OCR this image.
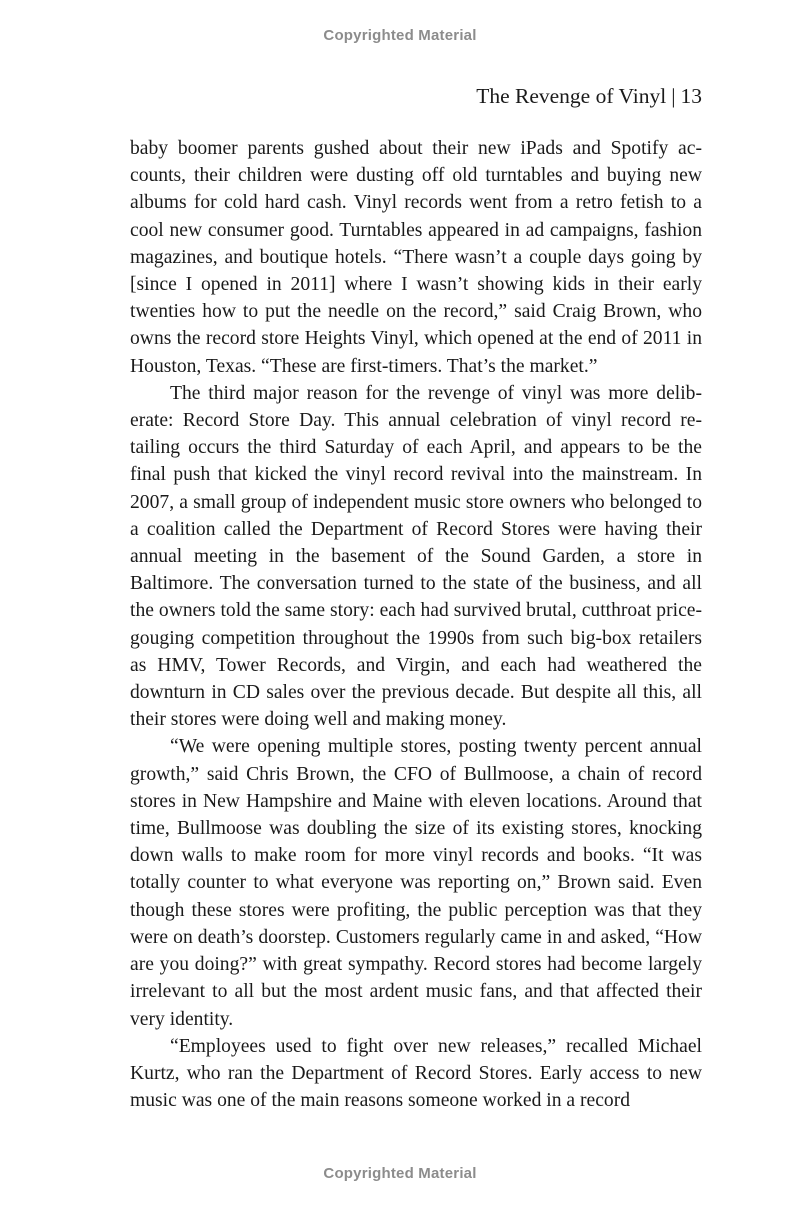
Copyrighted Material
The Revenge of Vinyl | 13

baby boomer parents gushed about their new iPads and Spotify accounts, their children were dusting off old turntables and buying new albums for cold hard cash. Vinyl records went from a retro fetish to a cool new consumer good. Turntables appeared in ad campaigns, fashion magazines, and boutique hotels. “There wasn’t a couple days going by [since I opened in 2011] where I wasn’t showing kids in their early twenties how to put the needle on the record,” said Craig Brown, who owns the record store Heights Vinyl, which opened at the end of 2011 in Houston, Texas. “These are first-timers. That’s the market.”

The third major reason for the revenge of vinyl was more deliberate: Record Store Day. This annual celebration of vinyl record retailing occurs the third Saturday of each April, and appears to be the final push that kicked the vinyl record revival into the mainstream. In 2007, a small group of independent music store owners who belonged to a coalition called the Department of Record Stores were having their annual meeting in the basement of the Sound Garden, a store in Baltimore. The conversation turned to the state of the business, and all the owners told the same story: each had survived brutal, cutthroat price-gouging competition throughout the 1990s from such big-box retailers as HMV, Tower Records, and Virgin, and each had weathered the downturn in CD sales over the previous decade. But despite all this, all their stores were doing well and making money.

“We were opening multiple stores, posting twenty percent annual growth,” said Chris Brown, the CFO of Bullmoose, a chain of record stores in New Hampshire and Maine with eleven locations. Around that time, Bullmoose was doubling the size of its existing stores, knocking down walls to make room for more vinyl records and books. “It was totally counter to what everyone was reporting on,” Brown said. Even though these stores were profiting, the public perception was that they were on death’s doorstep. Customers regularly came in and asked, “How are you doing?” with great sympathy. Record stores had become largely irrelevant to all but the most ardent music fans, and that affected their very identity.

“Employees used to fight over new releases,” recalled Michael Kurtz, who ran the Department of Record Stores. Early access to new music was one of the main reasons someone worked in a record

Copyrighted Material
